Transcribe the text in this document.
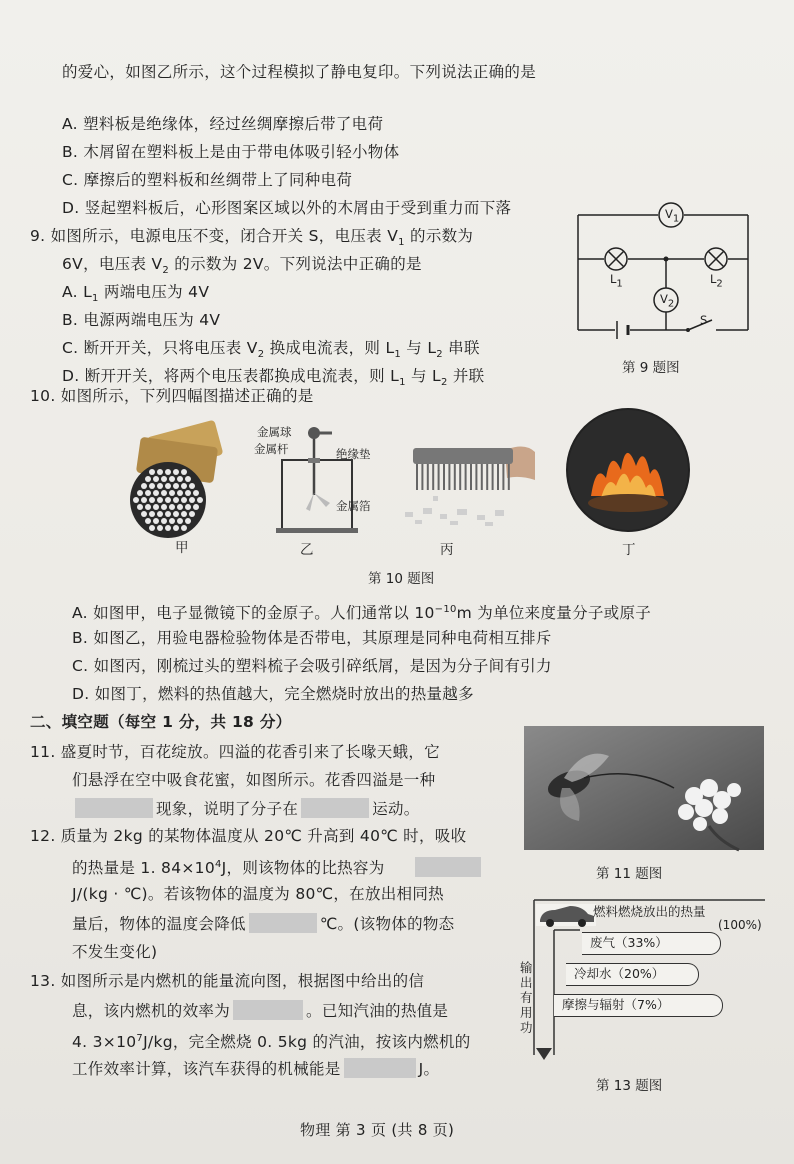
的爱心，如图乙所示，这个过程模拟了静电复印。下列说法正确的是
A. 塑料板是绝缘体，经过丝绸摩擦后带了电荷
B. 木屑留在塑料板上是由于带电体吸引轻小物体
C. 摩擦后的塑料板和丝绸带上了同种电荷
D. 竖起塑料板后，心形图案区域以外的木屑由于受到重力而下落
9. 如图所示，电源电压不变，闭合开关 S，电压表 $V_1$ 的示数为
6V，电压表 $V_2$ 的示数为 2V。下列说法中正确的是
A. $L_1$ 两端电压为 4V
B. 电源两端电压为 4V
C. 断开开关，只将电压表 $V_2$ 换成电流表，则 $L_1$ 与 $L_2$ 串联
D. 断开开关，将两个电压表都换成电流表，则 $L_1$ 与 $L_2$ 并联
$V_1$
$V_2$
$L_1$	$L_2$
S
第 9 题图
10. 如图所示，下列四幅图描述正确的是
甲
金属球
金属杆	绝缘垫
金属箔
乙	丙	丁
第 10 题图
A. 如图甲，电子显微镜下的金原子。人们通常以 $10^{-10}m$ 为单位来度量分子或原子
B. 如图乙，用验电器检验物体是否带电，其原理是同种电荷相互排斥
C. 如图丙，刚梳过头的塑料梳子会吸引碎纸屑，是因为分子间有引力
D. 如图丁，燃料的热值越大，完全燃烧时放出的热量越多
二、填空题（每空 1 分，共 18 分）
11. 盛夏时节，百花绽放。四溢的花香引来了长喙天蛾，它
们悬浮在空中吸食花蜜，如图所示。花香四溢是一种
现象，说明了分子在	运动。
第 11 题图
12. 质量为 2kg 的某物体温度从 20℃ 升高到 40℃ 时，吸收
的热量是 1. $84\times 10^4J$，则该物体的比热容为
J/(kg · ℃)。若该物体的温度为 80℃，在放出相同热
量后，物体的温度会降低	℃。(该物体的物态
不发生变化)
13. 如图所示是内燃机的能量流向图，根据图中给出的信
息，该内燃机的效率为	。已知汽油的热值是
4. $3\times 10^7J/kg$，完全燃烧 0. 5kg 的汽油，按该内燃机的
工作效率计算，该汽车获得的机械能是	J。
燃料燃烧放出的热量
(100%)
废气（33%）
冷却水（20%）
摩擦与辐射（7%）
输出有用功
第 13 题图
物理 第 3 页 (共 8 页)
